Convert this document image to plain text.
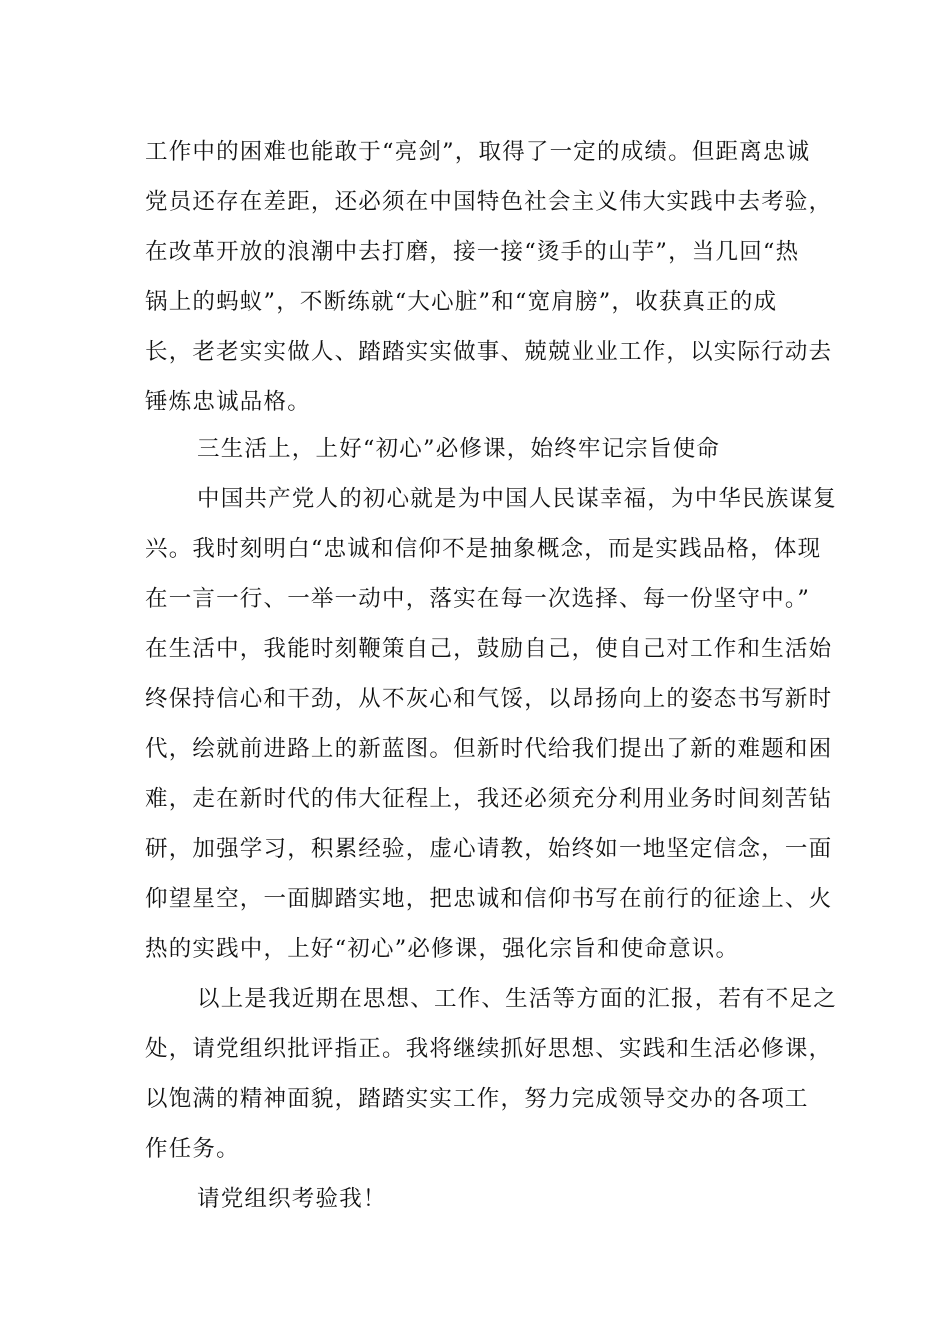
工作中的困难也能敢于“亮剑”，取得了一定的成绩。但距离忠诚
党员还存在差距，还必须在中国特色社会主义伟大实践中去考验，
在改革开放的浪潮中去打磨，接一接“烫手的山芋”，当几回“热
锅上的蚂蚁”，不断练就“大心脏”和“宽肩膀”，收获真正的成
长，老老实实做人、踏踏实实做事、兢兢业业工作，以实际行动去
锤炼忠诚品格。
三生活上，上好“初心”必修课，始终牢记宗旨使命
中国共产党人的初心就是为中国人民谋幸福，为中华民族谋复
兴。我时刻明白“忠诚和信仰不是抽象概念，而是实践品格，体现
在一言一行、一举一动中，落实在每一次选择、每一份坚守中。”
在生活中，我能时刻鞭策自己，鼓励自己，使自己对工作和生活始
终保持信心和干劲，从不灰心和气馁，以昂扬向上的姿态书写新时
代，绘就前进路上的新蓝图。但新时代给我们提出了新的难题和困
难，走在新时代的伟大征程上，我还必须充分利用业务时间刻苦钻
研，加强学习，积累经验，虚心请教，始终如一地坚定信念，一面
仰望星空，一面脚踏实地，把忠诚和信仰书写在前行的征途上、火
热的实践中，上好“初心”必修课，强化宗旨和使命意识。
以上是我近期在思想、工作、生活等方面的汇报，若有不足之
处，请党组织批评指正。我将继续抓好思想、实践和生活必修课，
以饱满的精神面貌，踏踏实实工作，努力完成领导交办的各项工
作任务。
请党组织考验我！
